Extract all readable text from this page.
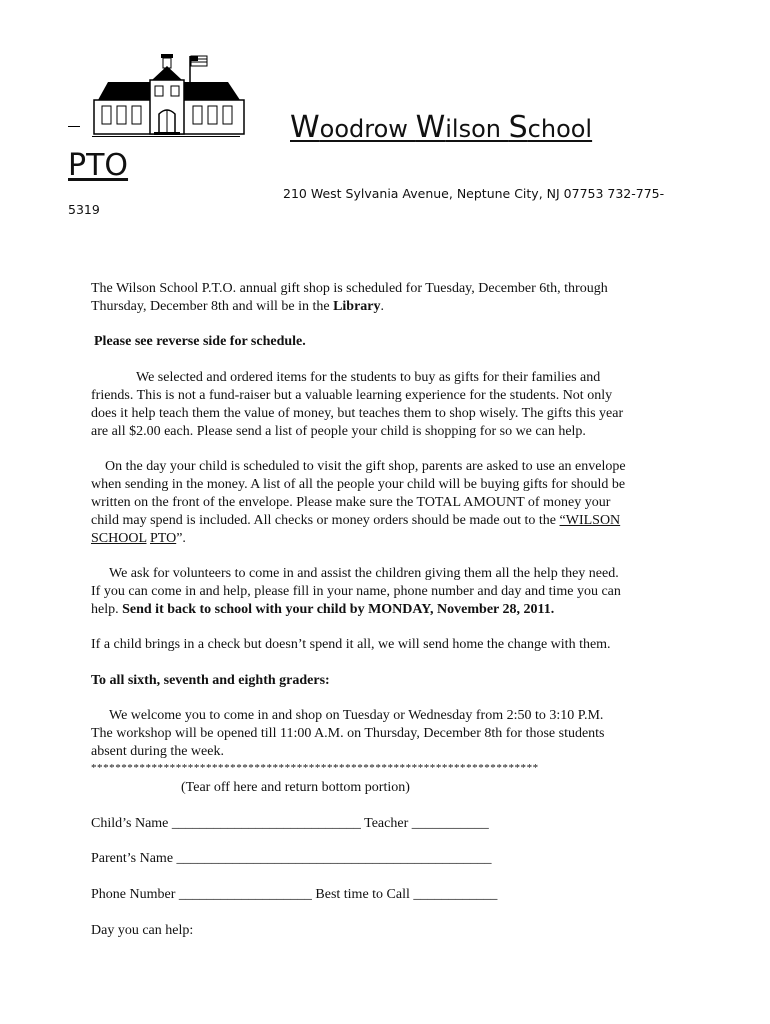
Woodrow Wilson School
PTO
210 West Sylvania Avenue, Neptune City, NJ 07753 732-775-
5319
The Wilson School P.T.O. annual gift shop is scheduled for Tuesday, December 6th, through
Thursday, December 8th and will be in the Library.
Please see reverse side for schedule.
We selected and ordered items for the students to buy as gifts for their families and
friends. This is not a fund-raiser but a valuable learning experience for the students. Not only
does it help teach them the value of money, but teaches them to shop wisely. The gifts this year
are all $2.00 each. Please send a list of people your child is shopping for so we can help.
On the day your child is scheduled to visit the gift shop, parents are asked to use an envelope
when sending in the money. A list of all the people your child will be buying gifts for should be
written on the front of the envelope. Please make sure the TOTAL AMOUNT of money your
child may spend is included. All checks or money orders should be made out to the “WILSON
SCHOOL PTO”.
We ask for volunteers to come in and assist the children giving them all the help they need.
If you can come in and help, please fill in your name, phone number and day and time you can
help. Send it back to school with your child by MONDAY, November 28, 2011.
If a child brings in a check but doesn’t spend it all, we will send home the change with them.
To all sixth, seventh and eighth graders:
We welcome you to come in and shop on Tuesday or Wednesday from 2:50 to 3:10 P.M.
The workshop will be opened till 11:00 A.M. on Thursday, December 8th for those students
absent during the week.
**************************************************************************
(Tear off here and return bottom portion)
Child’s Name ___________________________ Teacher ___________
Parent’s Name _____________________________________________
Phone Number ___________________ Best time to Call ____________
Day you can help:
